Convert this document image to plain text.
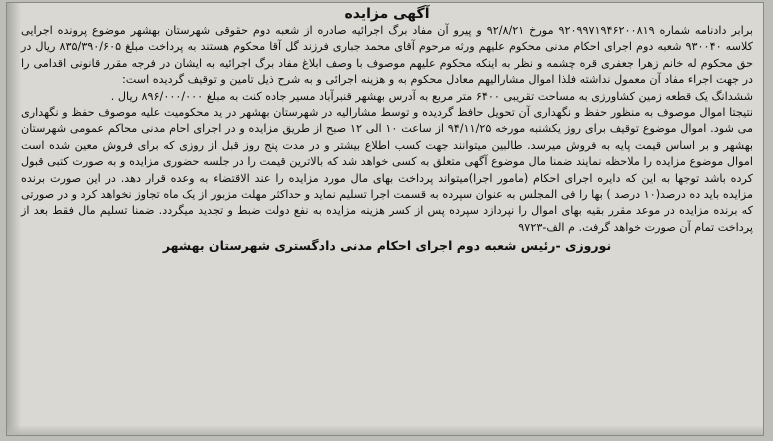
آگهی مزایده

برابر دادنامه شماره ۹۲۰۹۹۷۱۹۴۶۲۰۰۸۱۹ مورخ ۹۲/۸/۲۱ و پیرو آن مفاد برگ اجرائیه صادره از شعبه دوم حقوقی شهرستان بهشهر موضوع پرونده اجرایی کلاسه ۹۳۰۰۴۰ شعبه دوم اجرای احکام مدنی محکوم علیهم ورثه مرحوم آقای محمد جباری فرزند گل آقا محکوم هستند به پرداخت مبلغ ۸۳۵/۳۹۰/۶۰۵ ریال در حق محکوم له خانم زهرا جعفری قره چشمه و نظر به اینکه محکوم علیهم موصوف با وصف ابلاغ مفاد برگ اجرائیه به ایشان در فرجه مقرر قانونی اقدامی را در جهت اجراء مفاد آن معمول نداشته فلذا اموال مشارالیهم معادل محکوم به و هزینه اجرائی و به شرح ذیل تامین و توقیف گردیده است:

ششدانگ یک قطعه زمین کشاورزی به مساحت تقریبی ۶۴۰۰ متر مربع به آدرس بهشهر قنبرآباد مسیر جاده کنت به مبلغ ۸۹۶/۰۰۰/۰۰۰ ریال .

نتیجتا اموال موصوف به منظور حفظ و نگهداری آن تحویل حافظ گردیده و توسط مشارالیه در شهرستان بهشهر در ید محکومیت علیه موصوف حفظ و نگهداری می شود. اموال موضوع توقیف برای روز یکشنبه مورخه ۹۴/۱۱/۲۵ از ساعت ۱۰ الی ۱۲ صبح از طریق مزایده و در اجرای احام مدنی محاکم عمومی شهرستان بهشهر و بر اساس قیمت پایه به فروش میرسد. طالبین میتوانند جهت کسب اطلاع بیشتر و در مدت پنج روز قبل از روزی که برای فروش معین شده است اموال موضوع مزایده را ملاحظه نمایند ضمنا مال موضوع آگهی متعلق به کسی خواهد شد که بالاترین قیمت را در جلسه حضوری مزایده و به صورت کتبی قبول کرده باشد توجها به این که دایره اجرای احکام (مامور اجرا)میتواند پرداخت بهای مال مورد مزایده را عند الاقتضاء به وعده قرار دهد. در این صورت برنده مزایده باید ده درصد(۱۰ درصد ) بها را فی المجلس به عنوان سپرده به قسمت اجرا تسلیم نماید و حداکثر مهلت مزبور از یک ماه تجاوز نخواهد کرد و در صورتی که برنده مزایده در موعد مقرر بقیه بهای اموال را نپردازد سپرده پس از کسر هزینه مزایده به نفع دولت ضبط و تجدید میگردد. ضمنا تسلیم مال فقط بعد از پرداخت تمام آن صورت خواهد گرفت. م الف-۹۷۲۳

نوروزی -رئیس شعبه دوم اجرای احکام مدنی دادگستری شهرستان بهشهر
